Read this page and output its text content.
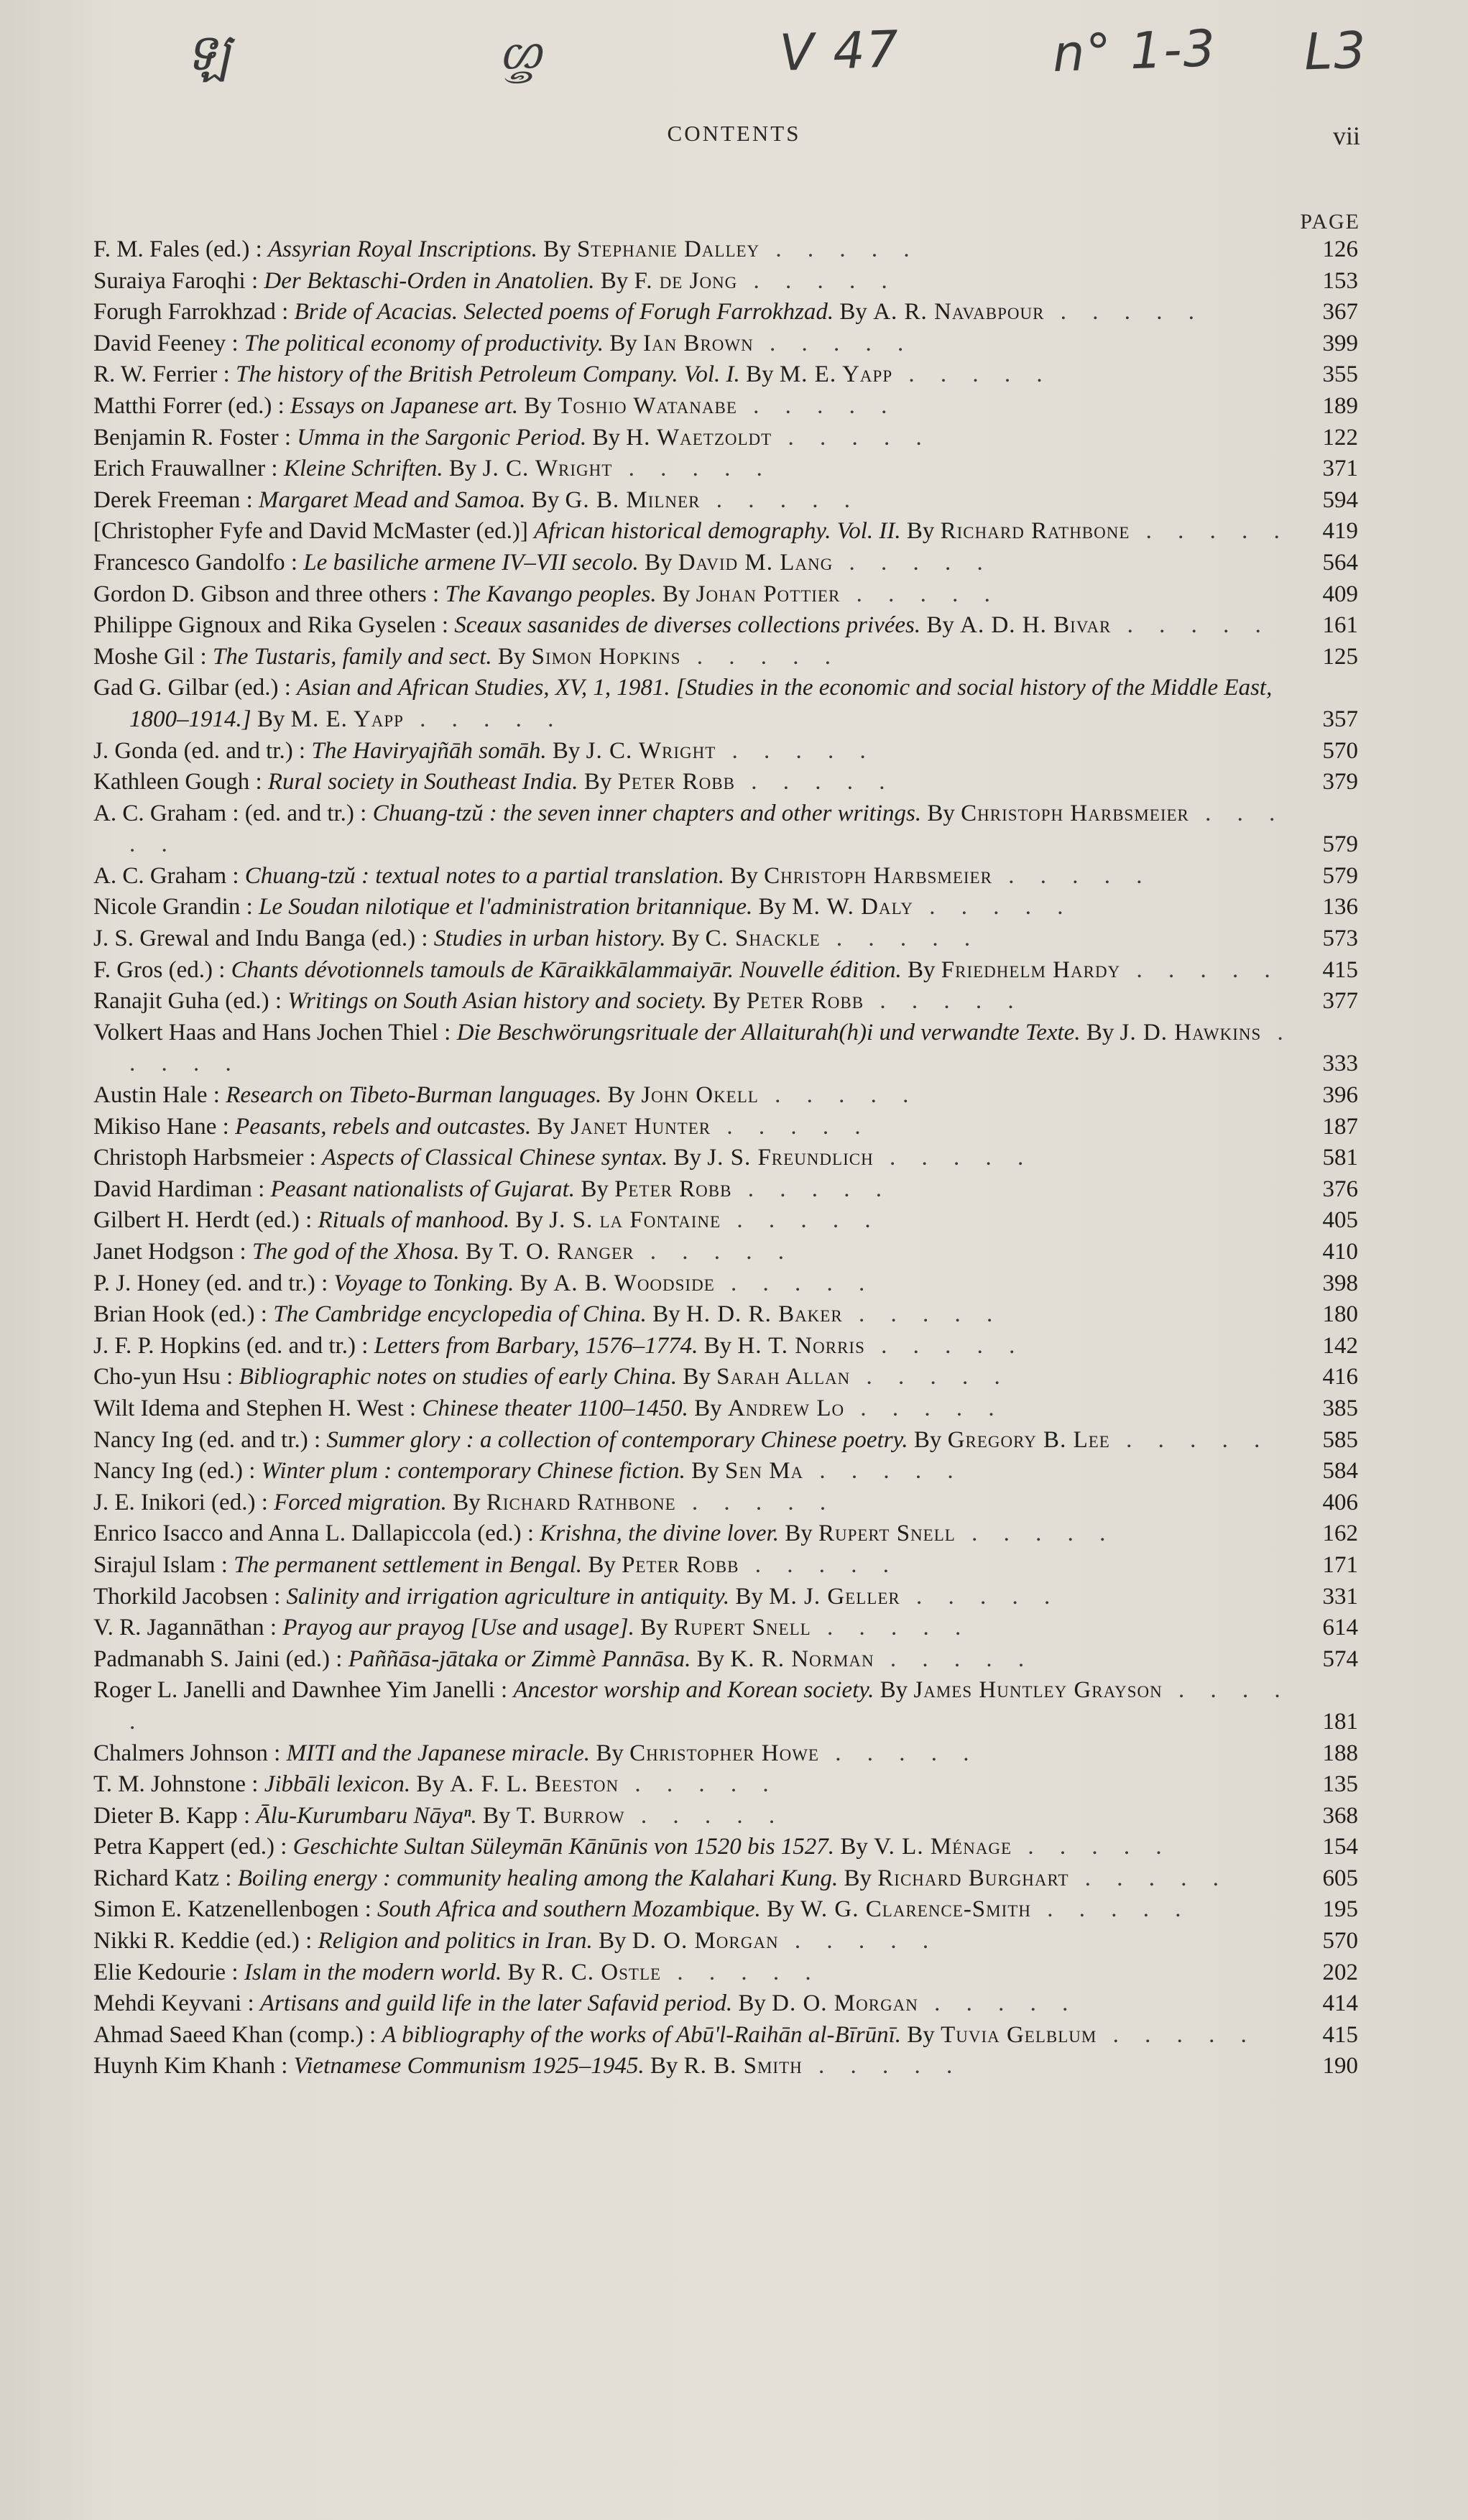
ឡ	ᦄ	V 47	n° 1-3 L3
CONTENTS	vii
PAGE
F. M. Fales (ed.) : Assyrian Royal Inscriptions. By Stephanie Dalley . . . . .	126
Suraiya Faroqhi : Der Bektaschi-Orden in Anatolien. By F. de Jong . . . . .	153
Forugh Farrokhzad : Bride of Acacias. Selected poems of Forugh Farrokhzad. By A. R. Navabpour . . . . .	367
David Feeney : The political economy of productivity. By Ian Brown . . . . .	399
R. W. Ferrier : The history of the British Petroleum Company. Vol. I. By M. E. Yapp . . . . .	355
Matthi Forrer (ed.) : Essays on Japanese art. By Toshio Watanabe . . . . .	189
Benjamin R. Foster : Umma in the Sargonic Period. By H. Waetzoldt . . . . .	122
Erich Frauwallner : Kleine Schriften. By J. C. Wright . . . . .	371
Derek Freeman : Margaret Mead and Samoa. By G. B. Milner . . . . .	594
[Christopher Fyfe and David McMaster (ed.)] African historical demography. Vol. II. By Richard Rathbone . . . . .	419
Francesco Gandolfo : Le basiliche armene IV–VII secolo. By David M. Lang . . . . .	564
Gordon D. Gibson and three others : The Kavango peoples. By Johan Pottier . . . . .	409
Philippe Gignoux and Rika Gyselen : Sceaux sasanides de diverses collections privées. By A. D. H. Bivar . . . . .	161
Moshe Gil : The Tustaris, family and sect. By Simon Hopkins . . . . .	125
Gad G. Gilbar (ed.) : Asian and African Studies, XV, 1, 1981. [Studies in the economic and social history of the Middle East, 1800–1914.] By M. E. Yapp . . . . .	357
J. Gonda (ed. and tr.) : The Haviryajñāh somāh. By J. C. Wright . . . . .	570
Kathleen Gough : Rural society in Southeast India. By Peter Robb . . . . .	379
A. C. Graham : (ed. and tr.) : Chuang-tzŭ : the seven inner chapters and other writings. By Christoph Harbsmeier . . . . .	579
A. C. Graham : Chuang-tzŭ : textual notes to a partial translation. By Christoph Harbsmeier . . . . .	579
Nicole Grandin : Le Soudan nilotique et l'administration britannique. By M. W. Daly . . . . .	136
J. S. Grewal and Indu Banga (ed.) : Studies in urban history. By C. Shackle . . . . .	573
F. Gros (ed.) : Chants dévotionnels tamouls de Kāraikkālammaiyār. Nouvelle édition. By Friedhelm Hardy . . . . .	415
Ranajit Guha (ed.) : Writings on South Asian history and society. By Peter Robb . . . . .	377
Volkert Haas and Hans Jochen Thiel : Die Beschwörungsrituale der Allaiturah(h)i und verwandte Texte. By J. D. Hawkins . . . . .	333
Austin Hale : Research on Tibeto-Burman languages. By John Okell . . . . .	396
Mikiso Hane : Peasants, rebels and outcastes. By Janet Hunter . . . . .	187
Christoph Harbsmeier : Aspects of Classical Chinese syntax. By J. S. Freundlich . . . . .	581
David Hardiman : Peasant nationalists of Gujarat. By Peter Robb . . . . .	376
Gilbert H. Herdt (ed.) : Rituals of manhood. By J. S. la Fontaine . . . . .	405
Janet Hodgson : The god of the Xhosa. By T. O. Ranger . . . . .	410
P. J. Honey (ed. and tr.) : Voyage to Tonking. By A. B. Woodside . . . . .	398
Brian Hook (ed.) : The Cambridge encyclopedia of China. By H. D. R. Baker . . . . .	180
J. F. P. Hopkins (ed. and tr.) : Letters from Barbary, 1576–1774. By H. T. Norris . . . . .	142
Cho-yun Hsu : Bibliographic notes on studies of early China. By Sarah Allan . . . . .	416
Wilt Idema and Stephen H. West : Chinese theater 1100–1450. By Andrew Lo . . . . .	385
Nancy Ing (ed. and tr.) : Summer glory : a collection of contemporary Chinese poetry. By Gregory B. Lee . . . . .	585
Nancy Ing (ed.) : Winter plum : contemporary Chinese fiction. By Sen Ma . . . . .	584
J. E. Inikori (ed.) : Forced migration. By Richard Rathbone . . . . .	406
Enrico Isacco and Anna L. Dallapiccola (ed.) : Krishna, the divine lover. By Rupert Snell . . . . .	162
Sirajul Islam : The permanent settlement in Bengal. By Peter Robb . . . . .	171
Thorkild Jacobsen : Salinity and irrigation agriculture in antiquity. By M. J. Geller . . . . .	331
V. R. Jagannāthan : Prayog aur prayog [Use and usage]. By Rupert Snell . . . . .	614
Padmanabh S. Jaini (ed.) : Paññāsa-jātaka or Zimmè Pannāsa. By K. R. Norman . . . . .	574
Roger L. Janelli and Dawnhee Yim Janelli : Ancestor worship and Korean society. By James Huntley Grayson . . . . .	181
Chalmers Johnson : MITI and the Japanese miracle. By Christopher Howe . . . . .	188
T. M. Johnstone : Jibbāli lexicon. By A. F. L. Beeston . . . . .	135
Dieter B. Kapp : Ālu-Kurumbaru Nāyaⁿ. By T. Burrow . . . . .	368
Petra Kappert (ed.) : Geschichte Sultan Süleymān Kānūnis von 1520 bis 1527. By V. L. Ménage . . . . .	154
Richard Katz : Boiling energy : community healing among the Kalahari Kung. By Richard Burghart . . . . .	605
Simon E. Katzenellenbogen : South Africa and southern Mozambique. By W. G. Clarence-Smith . . . . .	195
Nikki R. Keddie (ed.) : Religion and politics in Iran. By D. O. Morgan . . . . .	570
Elie Kedourie : Islam in the modern world. By R. C. Ostle . . . . .	202
Mehdi Keyvani : Artisans and guild life in the later Safavid period. By D. O. Morgan . . . . .	414
Ahmad Saeed Khan (comp.) : A bibliography of the works of Abū'l-Raihān al-Bīrūnī. By Tuvia Gelblum . . . . .	415
Huynh Kim Khanh : Vietnamese Communism 1925–1945. By R. B. Smith . . . . .	190
